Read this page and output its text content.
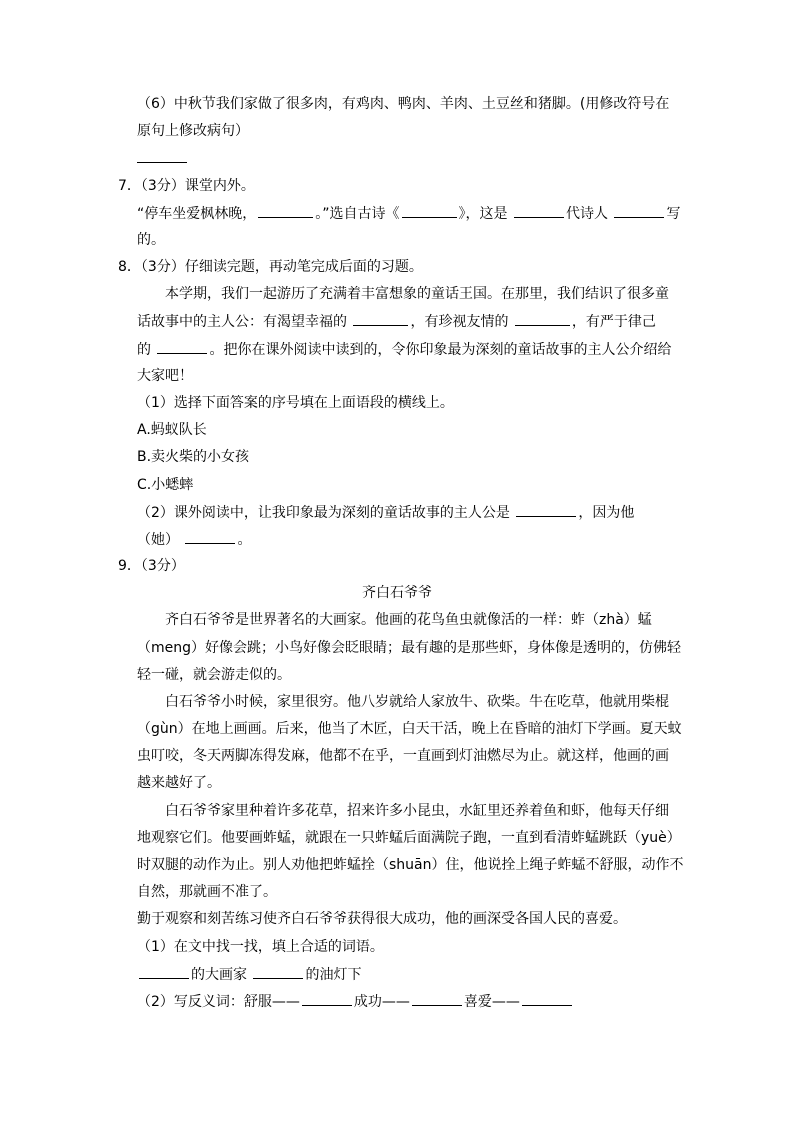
（6）中秋节我们家做了很多肉，有鸡肉、鸭肉、羊肉、土豆丝和猪脚。(用修改符号在
原句上修改病句）
7．（3分）课堂内外。
“停车坐爱枫林晚，	。”选自古诗《	》，这是	代诗人	写
的。
8．（3分）仔细读完题，再动笔完成后面的习题。
本学期，我们一起游历了充满着丰富想象的童话王国。在那里，我们结识了很多童
话故事中的主人公：有渴望幸福的	，有珍视友情的	，有严于律己
的	。把你在课外阅读中读到的，令你印象最为深刻的童话故事的主人公介绍给
大家吧！
（1）选择下面答案的序号填在上面语段的横线上。
A.蚂蚁队长
B.卖火柴的小女孩
C.小蟋蟀
（2）课外阅读中，让我印象最为深刻的童话故事的主人公是	，因为他
（她）	。
9．（3分）
齐白石爷爷
齐白石爷爷是世界著名的大画家。他画的花鸟鱼虫就像活的一样：蚱（zhà）蜢
（meng）好像会跳；小鸟好像会眨眼睛；最有趣的是那些虾，身体像是透明的，仿佛轻
轻一碰，就会游走似的。
白石爷爷小时候，家里很穷。他八岁就给人家放牛、砍柴。牛在吃草，他就用柴棍
（gùn）在地上画画。后来，他当了木匠，白天干活，晚上在昏暗的油灯下学画。夏天蚊
虫叮咬，冬天两脚冻得发麻，他都不在乎，一直画到灯油燃尽为止。就这样，他画的画
越来越好了。
白石爷爷家里种着许多花草，招来许多小昆虫，水缸里还养着鱼和虾，他每天仔细
地观察它们。他要画蚱蜢，就跟在一只蚱蜢后面满院子跑，一直到看清蚱蜢跳跃（yuè）
时双腿的动作为止。别人劝他把蚱蜢拴（shuān）住，他说拴上绳子蚱蜢不舒服，动作不
自然，那就画不准了。
勤于观察和刻苦练习使齐白石爷爷获得很大成功，他的画深受各国人民的喜爱。
（1）在文中找一找，填上合适的词语。
的大画家	的油灯下
（2）写反义词：舒服——	成功——	喜爱——
